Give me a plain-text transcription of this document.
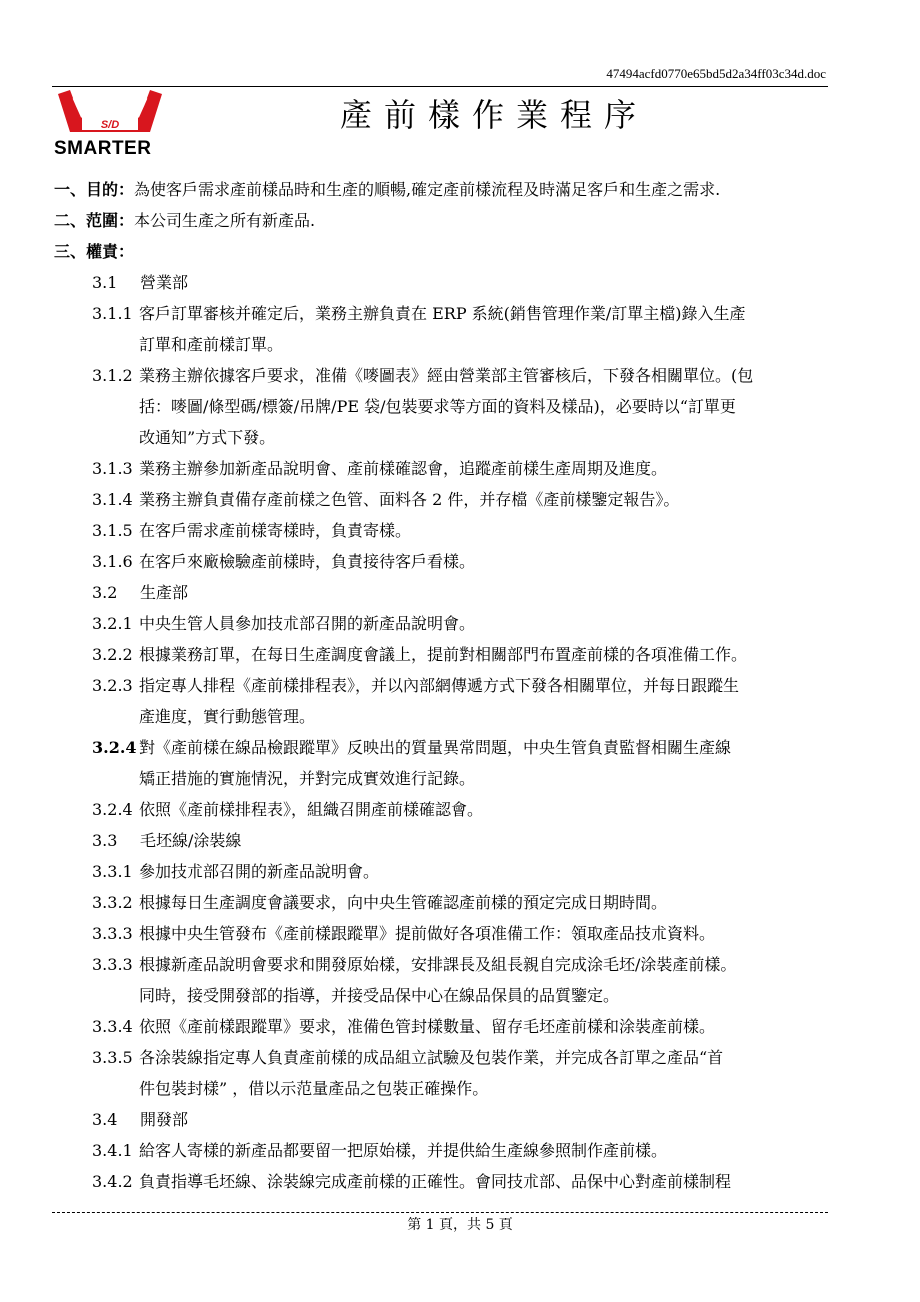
47494acfd0770e65bd5d2a34ff03c34d.doc
S/D
SMARTER
產前樣作業程序

一、目的：為使客戶需求產前樣品時和生產的順暢,確定產前樣流程及時滿足客戶和生產之需求.

二、范圍：本公司生產之所有新產品.

三、權責：

3.1 營業部

3.1.1 客戶訂單審核并確定后，業務主辦負責在 ERP 系統(銷售管理作業/訂單主檔)錄入生產

訂單和產前樣訂單。

3.1.2 業務主辦依據客戶要求，准備《嘜圖表》經由營業部主管審核后，下發各相關單位。(包

括：嘜圖/條型碼/標簽/吊牌/PE 袋/包裝要求等方面的資料及樣品)，必要時以“訂單更

改通知”方式下發。

3.1.3 業務主辦參加新產品說明會、產前樣確認會，追蹤產前樣生產周期及進度。

3.1.4 業務主辦負責備存產前樣之色管、面料各 2 件，并存檔《產前樣鑒定報告》。

3.1.5 在客戶需求產前樣寄樣時，負責寄樣。

3.1.6 在客戶來廠檢驗產前樣時，負責接待客戶看樣。

3.2 生產部

3.2.1 中央生管人員參加技朮部召開的新產品說明會。

3.2.2 根據業務訂單，在每日生產調度會議上，提前對相關部門布置產前樣的各項准備工作。

3.2.3 指定專人排程《產前樣排程表》，并以內部網傳遞方式下發各相關單位，并每日跟蹤生

產進度，實行動態管理。

3.2.4 對《產前樣在線品檢跟蹤單》反映出的質量異常問題，中央生管負責監督相關生產線

矯正措施的實施情況，并對完成實效進行記錄。

3.2.4 依照《產前樣排程表》，組織召開產前樣確認會。

3.3 毛坯線/涂裝線

3.3.1 參加技朮部召開的新產品說明會。

3.3.2 根據每日生產調度會議要求，向中央生管確認產前樣的預定完成日期時間。

3.3.3 根據中央生管發布《產前樣跟蹤單》提前做好各項准備工作：領取產品技朮資料。

3.3.3 根據新產品說明會要求和開發原始樣，安排課長及組長親自完成涂毛坯/涂裝產前樣。

同時，接受開發部的指導，并接受品保中心在線品保員的品質鑒定。

3.3.4 依照《產前樣跟蹤單》要求，准備色管封樣數量、留存毛坯產前樣和涂裝產前樣。

3.3.5 各涂裝線指定專人負責產前樣的成品組立試驗及包裝作業，并完成各訂單之產品“首

件包裝封樣” ，借以示范量產品之包裝正確操作。

3.4 開發部

3.4.1 給客人寄樣的新產品都要留一把原始樣，并提供給生產線參照制作產前樣。

3.4.2 負責指導毛坯線、涂裝線完成產前樣的正確性。會同技朮部、品保中心對產前樣制程

第 1 頁，共 5 頁
